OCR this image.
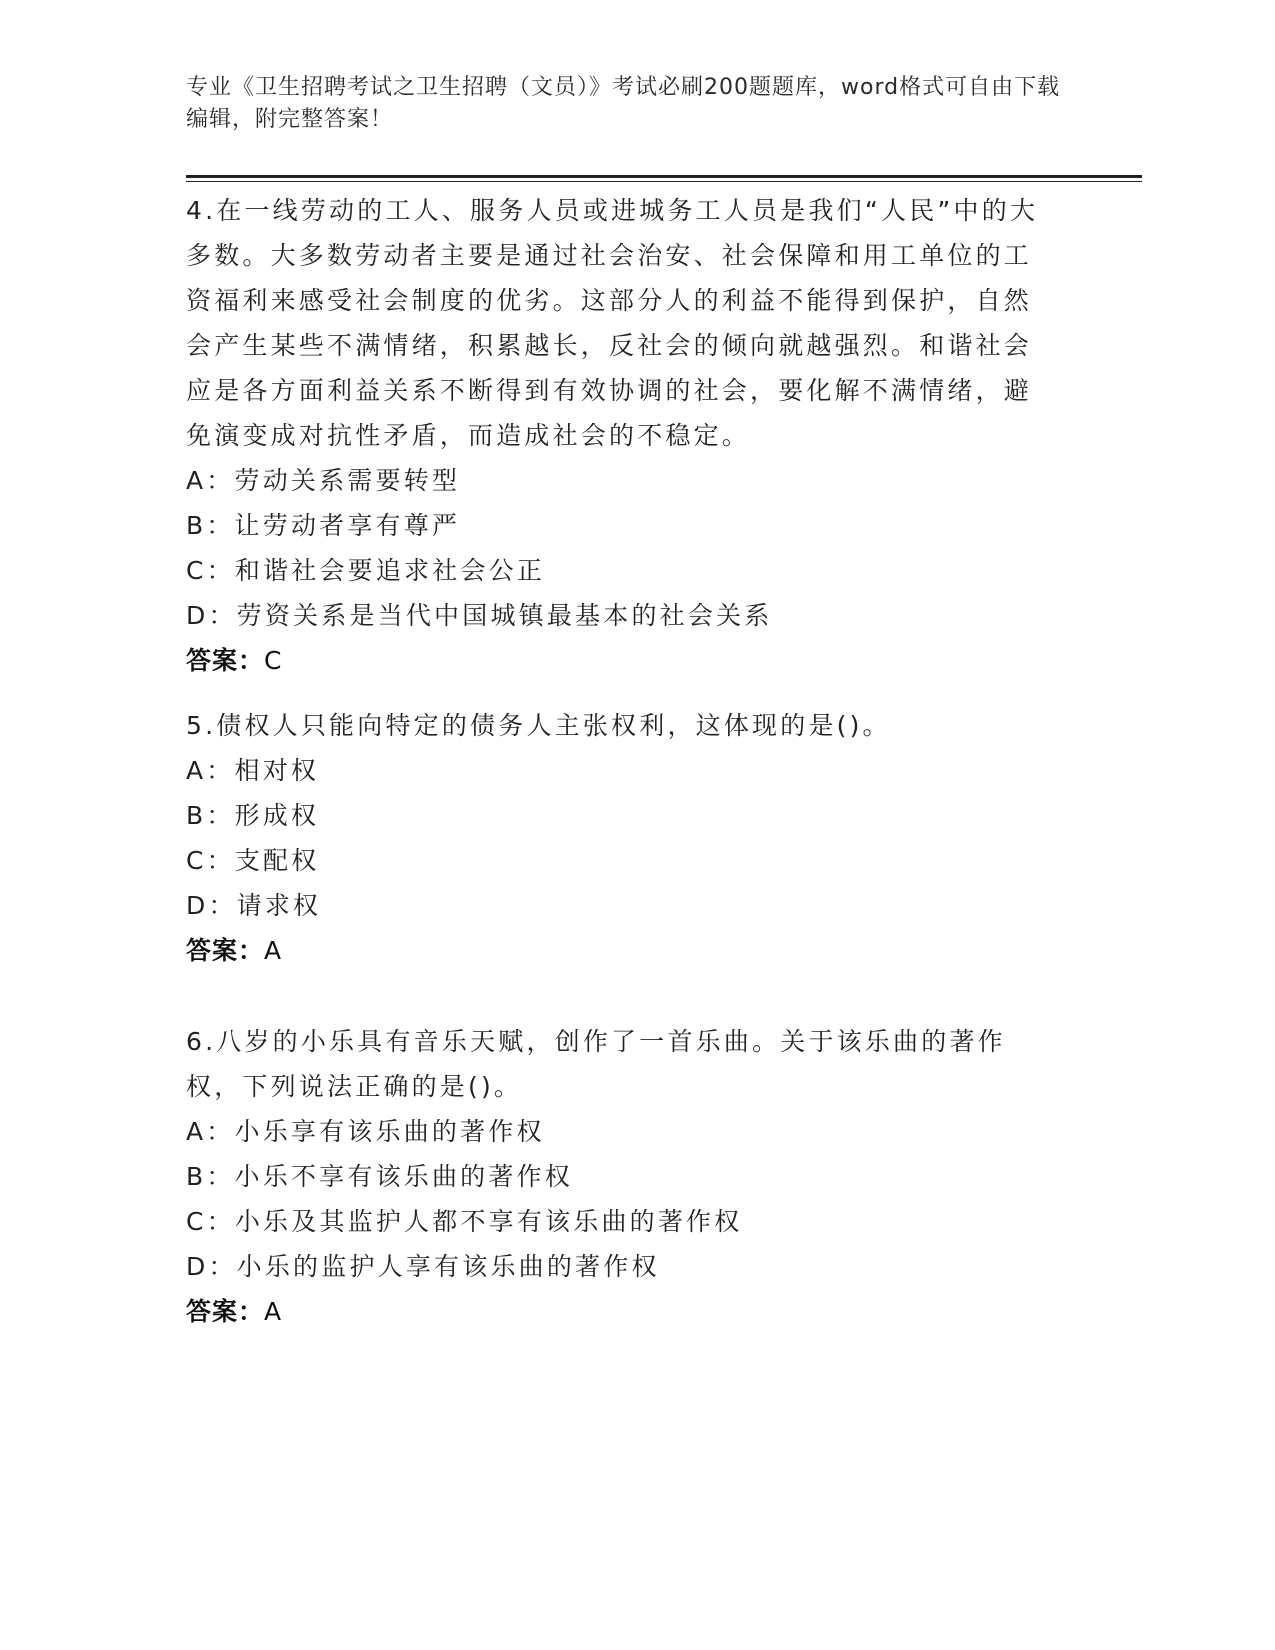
专业《卫生招聘考试之卫生招聘（文员）》考试必刷200题题库，word格式可自由下载编辑，附完整答案！
4.在一线劳动的工人、服务人员或进城务工人员是我们“人民”中的大多数。大多数劳动者主要是通过社会治安、社会保障和用工单位的工资福利来感受社会制度的优劣。这部分人的利益不能得到保护，自然会产生某些不满情绪，积累越长，反社会的倾向就越强烈。和谐社会应是各方面利益关系不断得到有效协调的社会，要化解不满情绪，避免演变成对抗性矛盾，而造成社会的不稳定。
A：劳动关系需要转型
B：让劳动者享有尊严
C：和谐社会要追求社会公正
D：劳资关系是当代中国城镇最基本的社会关系
答案：C
5.债权人只能向特定的债务人主张权利，这体现的是()。
A：相对权
B：形成权
C：支配权
D：请求权
答案：A
6.八岁的小乐具有音乐天赋，创作了一首乐曲。关于该乐曲的著作权，下列说法正确的是()。
A：小乐享有该乐曲的著作权
B：小乐不享有该乐曲的著作权
C：小乐及其监护人都不享有该乐曲的著作权
D：小乐的监护人享有该乐曲的著作权
答案：A
